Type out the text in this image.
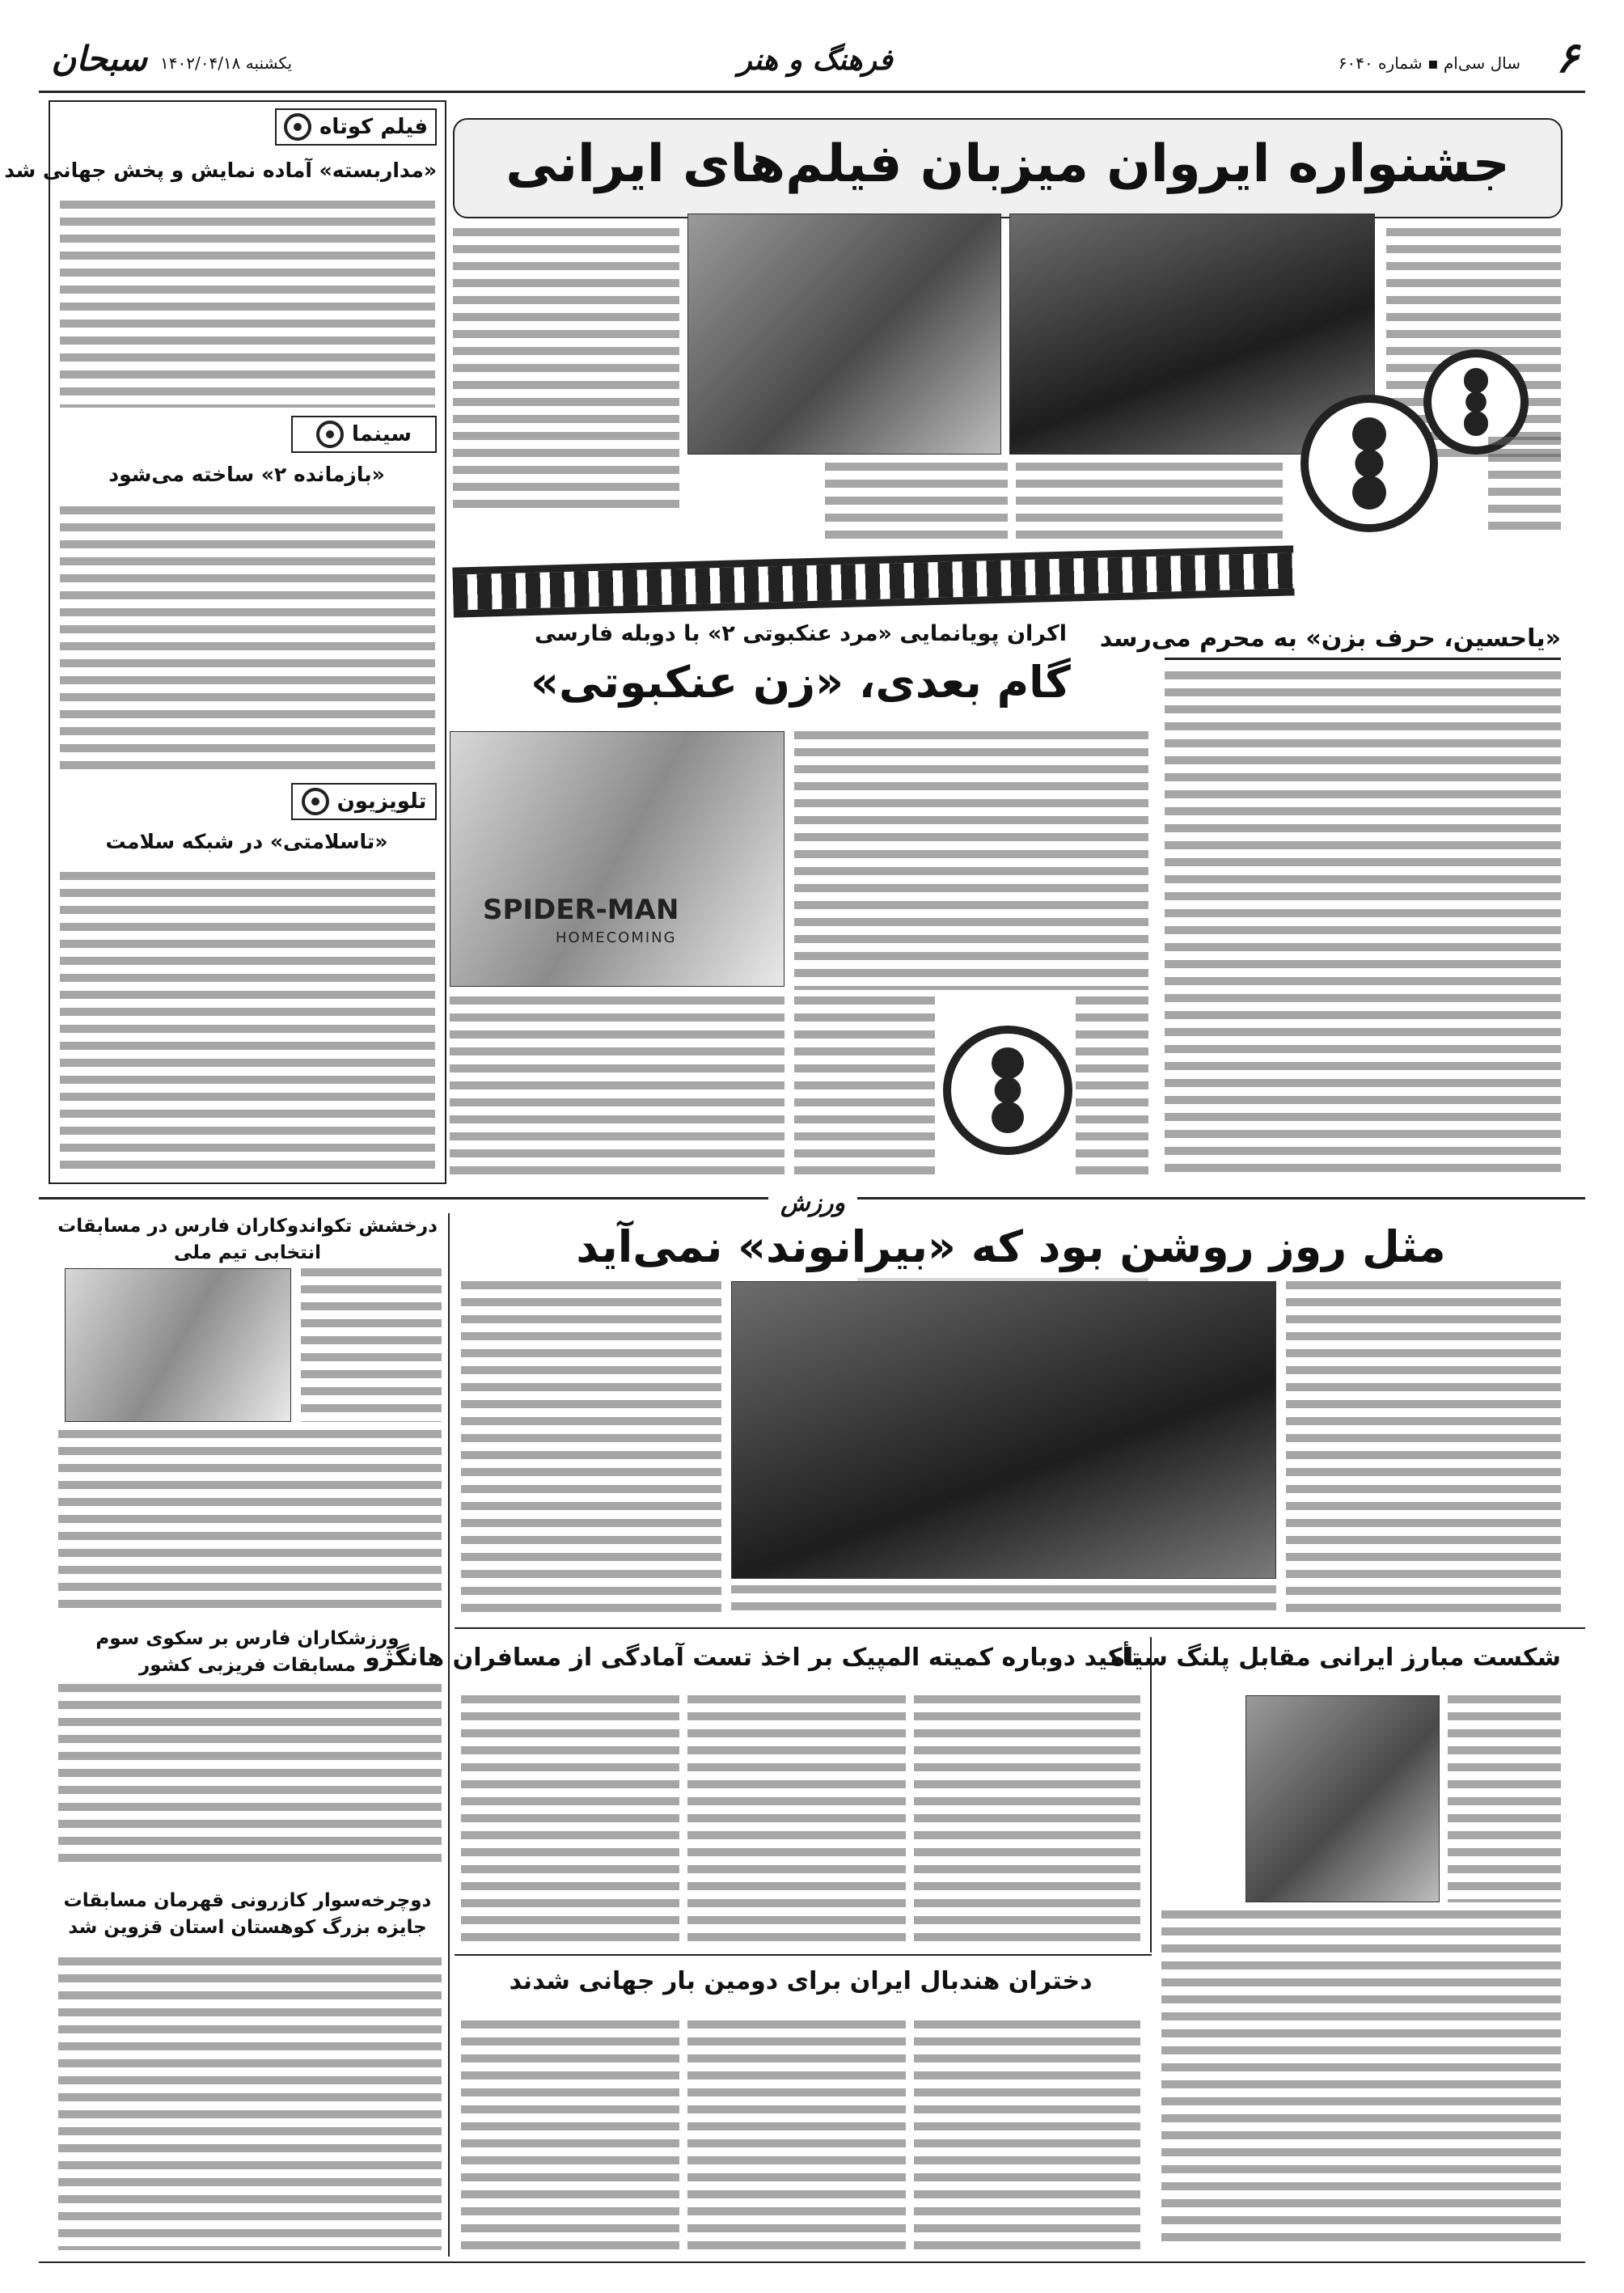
سبحان یکشنبه ۱۴۰۲/۰۴/۱۸	فرهنگ و هنر	سال سی‌ام ▪ شماره ۶۰۴۰ ۶
فیلم کوتاه
«مداربسته» آماده نمایش و پخش جهانی شد
سینما
«بازمانده ۲» ساخته می‌شود
تلویزیون
«تاسلامتی» در شبکه سلامت
جشنواره ایروان میزبان فیلم‌های ایرانی
اکران پویانمایی «مرد عنکبوتی ۲» با دوبله فارسی
گام بعدی، «زن عنکبوتی»
SPIDER-MAN
HOMECOMING
«یاحسین، حرف بزن» به محرم می‌رسد
ورزش
درخشش تکواندوکاران فارس در مسابقات انتخابی تیم ملی
ورزشکاران فارس بر سکوی سوم مسابقات فریزبی کشور
دوچرخه‌سوار کازرونی قهرمان مسابقات جایزه بزرگ کوهستان استان قزوین شد
مثل روز روشن بود که «بیرانوند» نمی‌آید
تأکید دوباره کمیته المپیک بر اخذ تست آمادگی از مسافران هانگژو
شکست مبارز ایرانی مقابل پلنگ سیاه
دختران هندبال ایران برای دومین بار جهانی شدند
